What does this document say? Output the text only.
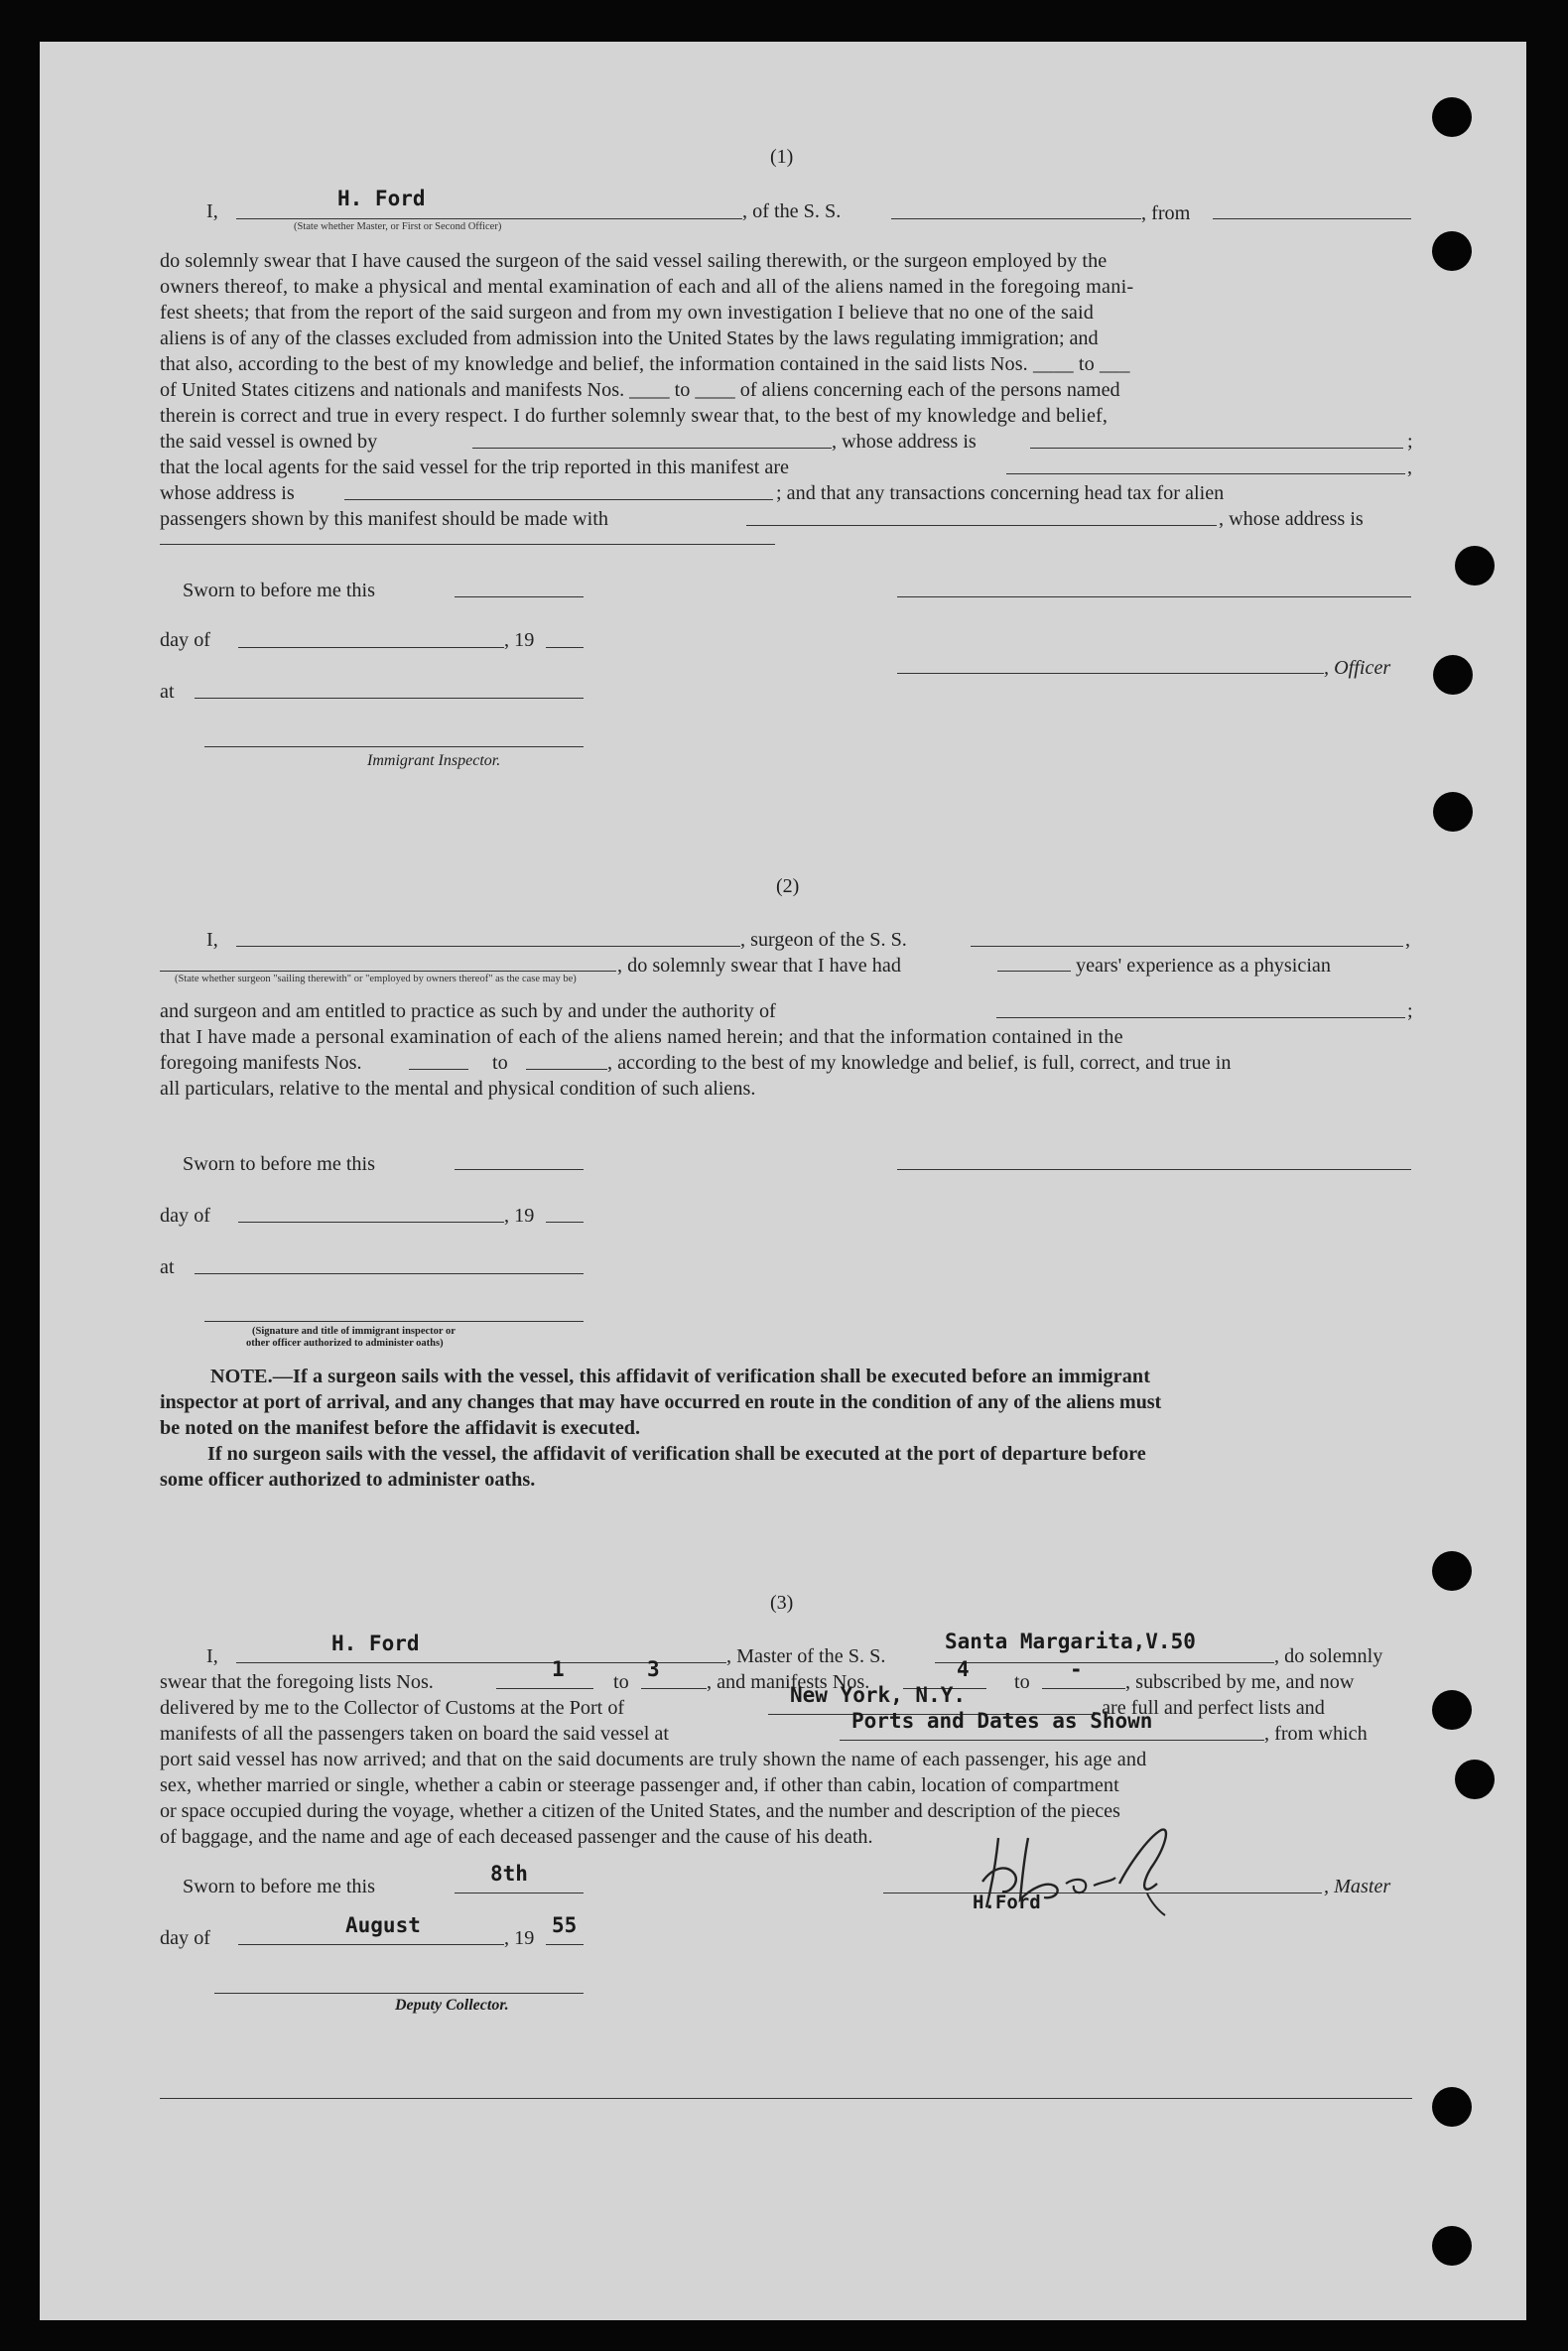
(1)
I,
H. Ford
, of the S. S.	, from
(State whether Master, or First or Second Officer)
do solemnly swear that I have caused the surgeon of the said vessel sailing therewith, or the surgeon employed by the
owners thereof, to make a physical and mental examination of each and all of the aliens named in the foregoing mani-
fest sheets; that from the report of the said surgeon and from my own investigation I believe that no one of the said
aliens is of any of the classes excluded from admission into the United States by the laws regulating immigration; and
that also, according to the best of my knowledge and belief, the information contained in the said lists Nos. ____ to ___
of United States citizens and nationals and manifests Nos. ____ to ____ of aliens concerning each of the persons named
therein is correct and true in every respect. I do further solemnly swear that, to the best of my knowledge and belief,
the said vessel is owned by	, whose address is	;
that the local agents for the said vessel for the trip reported in this manifest are	,
whose address is	; and that any transactions concerning head tax for alien
passengers shown by this manifest should be made with	, whose address is
Sworn to before me this
day of	, 19
at
, Officer
Immigrant Inspector.
(2)
I,	, surgeon of the S. S.	,
, do solemnly swear that I have had	years' experience as a physician
(State whether surgeon "sailing therewith" or "employed by owners thereof" as the case may be)
and surgeon and am entitled to practice as such by and under the authority of	;
that I have made a personal examination of each of the aliens named herein; and that the information contained in the
foregoing manifests Nos.	to	, according to the best of my knowledge and belief, is full, correct, and true in
all particulars, relative to the mental and physical condition of such aliens.
Sworn to before me this
day of	, 19
at
(Signature and title of immigrant inspector or
other officer authorized to administer oaths)
NOTE.—If a surgeon sails with the vessel, this affidavit of verification shall be executed before an immigrant
inspector at port of arrival, and any changes that may have occurred en route in the condition of any of the aliens must
be noted on the manifest before the affidavit is executed.
If no surgeon sails with the vessel, the affidavit of verification shall be executed at the port of departure before
some officer authorized to administer oaths.
(3)
I,
H. Ford
, Master of the S. S.
Santa Margarita,V.50
, do solemnly
swear that the foregoing lists Nos.
1
to
3
, and manifests Nos.
4
to
-
, subscribed by me, and now
delivered by me to the Collector of Customs at the Port of
New York, N.Y.
, are full and perfect lists and
manifests of all the passengers taken on board the said vessel at
Ports and Dates as Shown
, from which
port said vessel has now arrived; and that on the said documents are truly shown the name of each passenger, his age and
sex, whether married or single, whether a cabin or steerage passenger and, if other than cabin, location of compartment
or space occupied during the voyage, whether a citizen of the United States, and the number and description of the pieces
of baggage, and the name and age of each deceased passenger and the cause of his death.
Sworn to before me this
8th
, Master
H.Ford
day of
August
, 19
55
Deputy Collector.
